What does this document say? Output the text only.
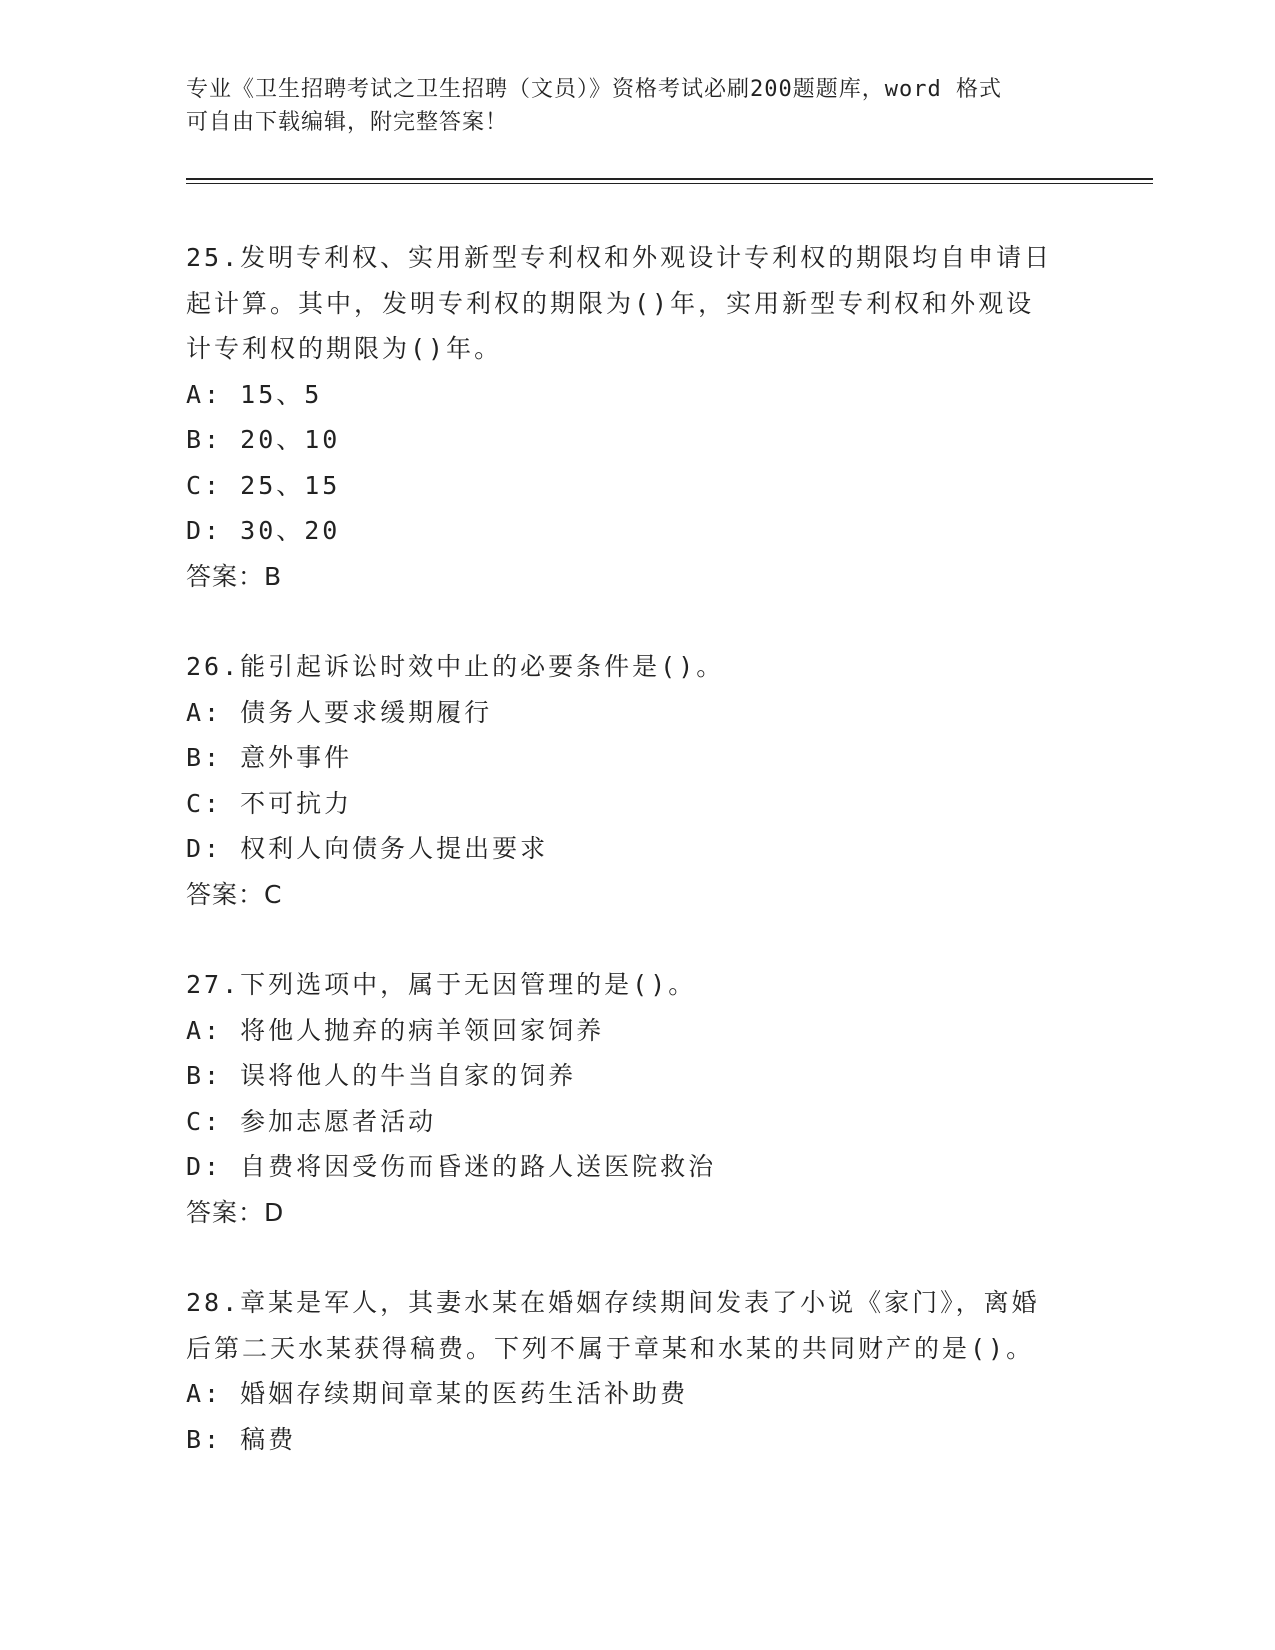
专业《卫生招聘考试之卫生招聘（文员）》资格考试必刷200题题库，word 格式
可自由下载编辑，附完整答案！
25.发明专利权、实用新型专利权和外观设计专利权的期限均自申请日
起计算。其中，发明专利权的期限为()年，实用新型专利权和外观设
计专利权的期限为()年。
A: 15、5
B: 20、10
C: 25、15
D: 30、20
答案：B
26.能引起诉讼时效中止的必要条件是()。
A: 债务人要求缓期履行
B: 意外事件
C: 不可抗力
D: 权利人向债务人提出要求
答案：C
27.下列选项中，属于无因管理的是()。
A: 将他人抛弃的病羊领回家饲养
B: 误将他人的牛当自家的饲养
C: 参加志愿者活动
D: 自费将因受伤而昏迷的路人送医院救治
答案：D
28.章某是军人，其妻水某在婚姻存续期间发表了小说《家门》，离婚
后第二天水某获得稿费。下列不属于章某和水某的共同财产的是()。
A: 婚姻存续期间章某的医药生活补助费
B: 稿费
